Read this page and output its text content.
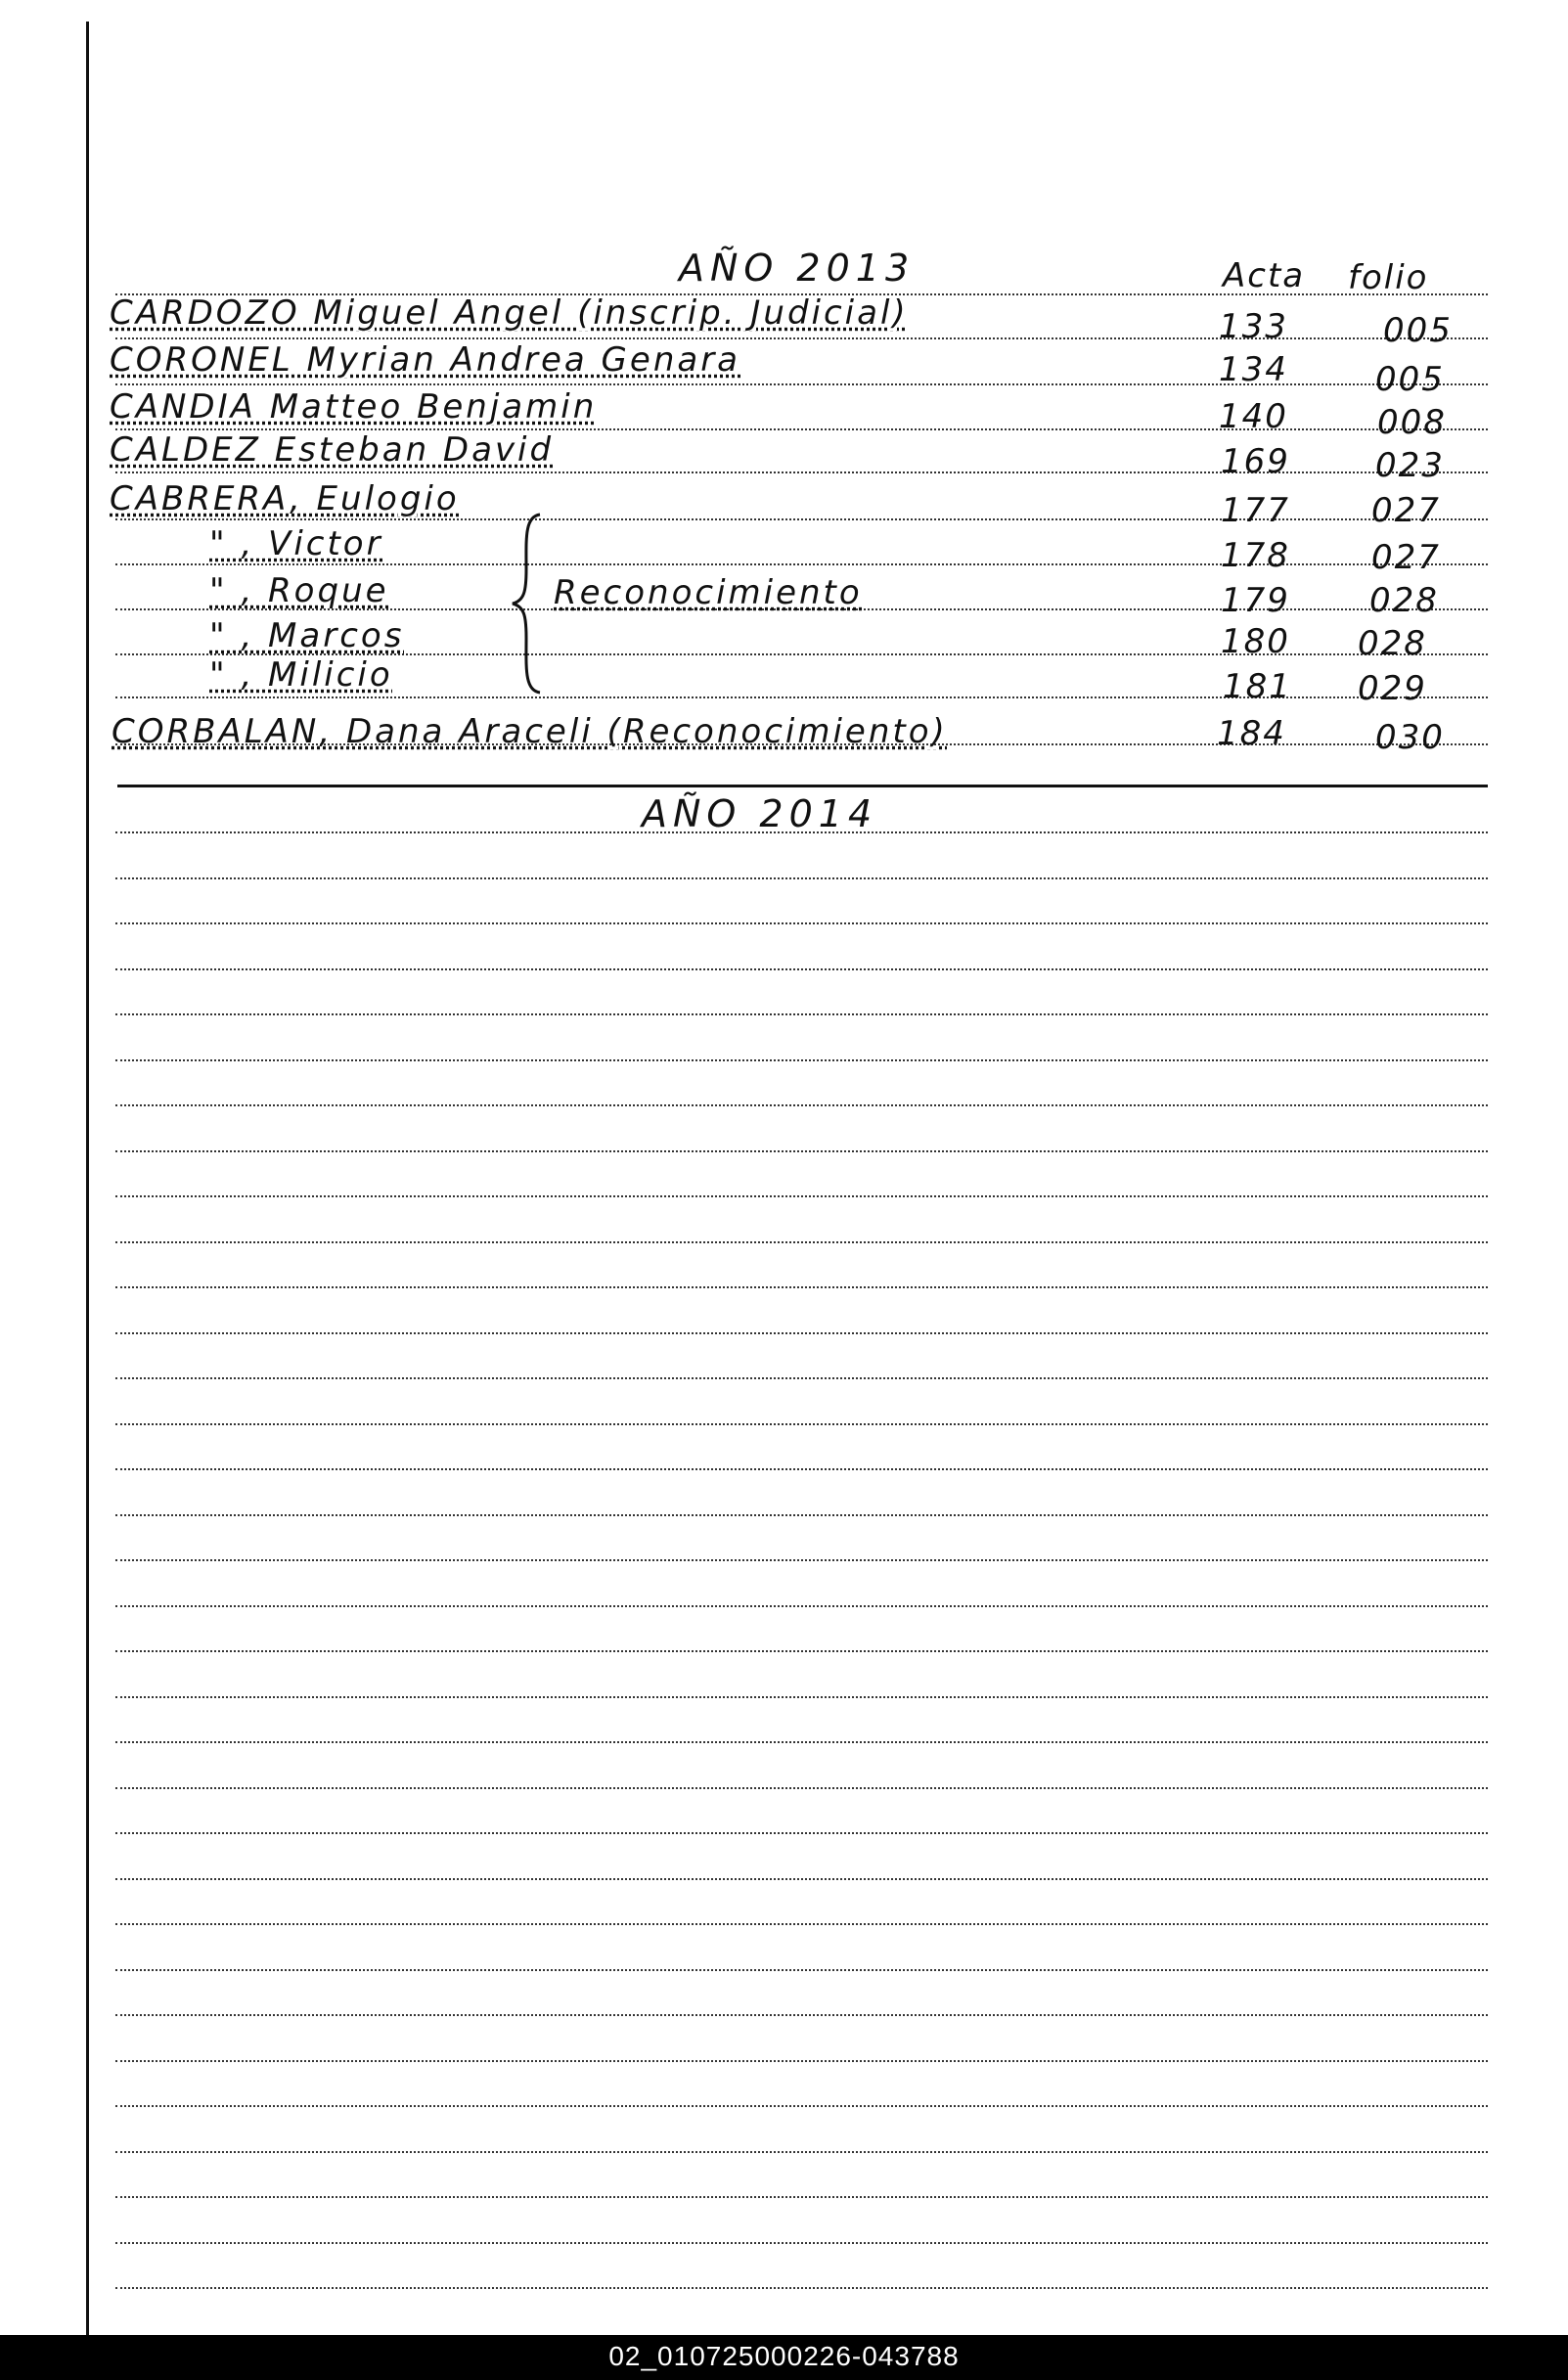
AÑO 2013	Acta folio
CARDOZO Miguel Angel (inscrip. Judicial)	133	005
CORONEL Myrian Andrea Genara	134	005
CANDIA Matteo Benjamin	140	008
CALDEZ Esteban David	169	023
CABRERA, Eulogio	177 027
" , Victor	178 027
" , Roque	179 028
" , Marcos	180 028
" , Milicio	181 029
CORBALAN, Dana Araceli (Reconocimiento)	184	030
Reconocimiento
AÑO 2014
02_010725000226-043788
